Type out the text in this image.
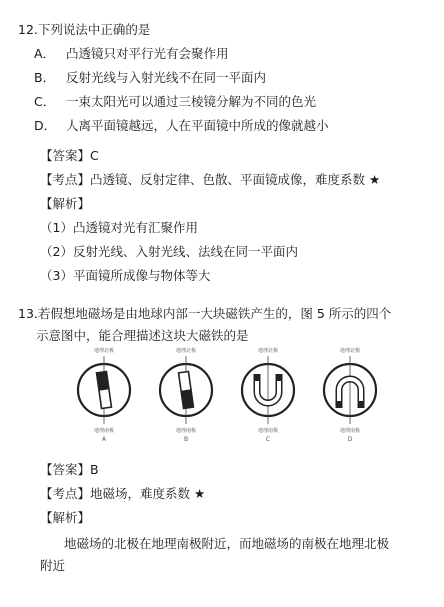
12.下列说法中正确的是
A． 凸透镜只对平行光有会聚作用
B． 反射光线与入射光线不在同一平面内
C． 一束太阳光可以通过三棱镜分解为不同的色光
D． 人离平面镜越远，人在平面镜中所成的像就越小
【答案】C
【考点】凸透镜、反射定律、色散、平面镜成像，难度系数 ★
【解析】
（1）凸透镜对光有汇聚作用
（2）反射光线、入射光线、法线在同一平面内
（3）平面镜所成像与物体等大
13.若假想地磁场是由地球内部一大块磁铁产生的，图 5 所示的四个
示意图中，能合理描述这块大磁铁的是
地理北极
地理南极
A
地理北极
地理南极
B
地理北极
地理南极
C
地理北极
地理南极
D
【答案】B
【考点】地磁场，难度系数 ★
【解析】
地磁场的北极在地理南极附近，而地磁场的南极在地理北极
附近
